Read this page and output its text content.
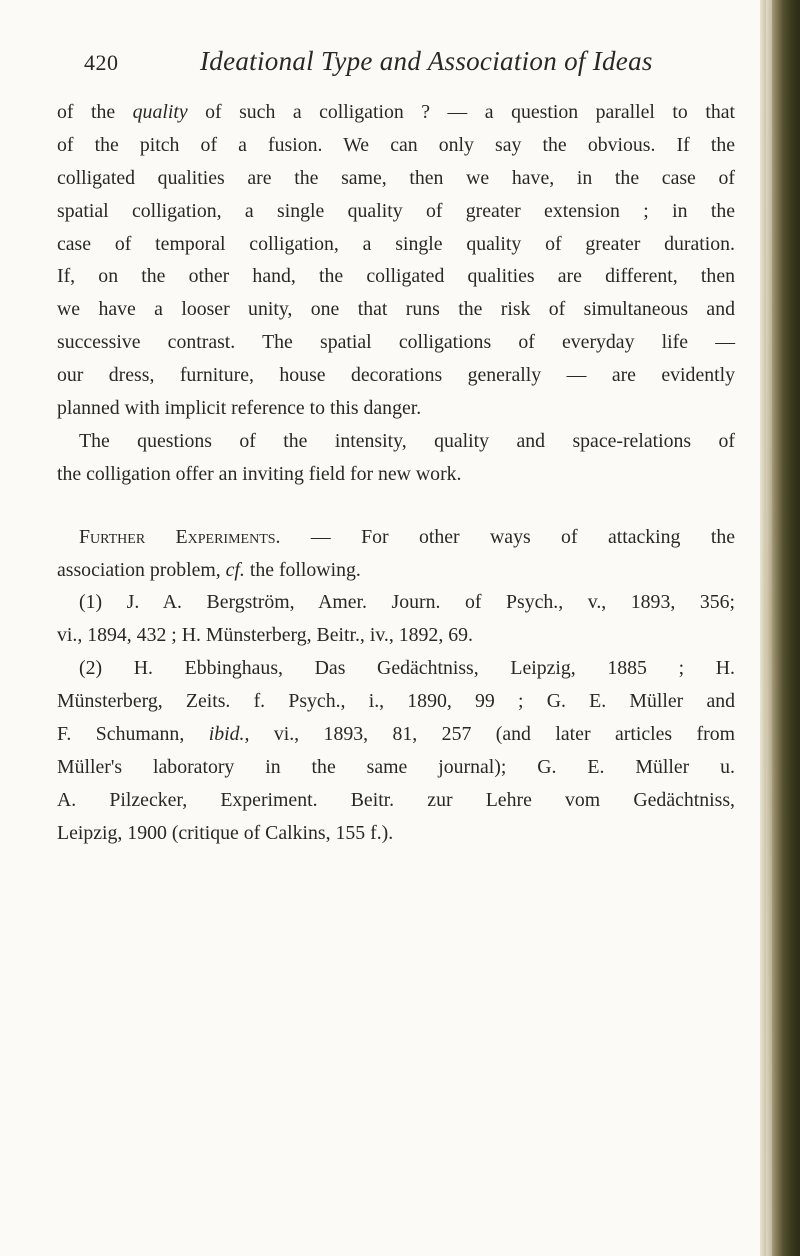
420	Ideational Type and Association of Ideas
of the quality of such a colligation ? — a question parallel to that
of the pitch of a fusion. We can only say the obvious. If the
colligated qualities are the same, then we have, in the case of
spatial colligation, a single quality of greater extension ; in the
case of temporal colligation, a single quality of greater duration.
If, on the other hand, the colligated qualities are different, then
we have a looser unity, one that runs the risk of simultaneous and
successive contrast. The spatial colligations of everyday life —
our dress, furniture, house decorations generally — are evidently
planned with implicit reference to this danger.
The questions of the intensity, quality and space-relations of
the colligation offer an inviting field for new work.
Further Experiments. — For other ways of attacking the
association problem, cf. the following.
(1) J. A. Bergström, Amer. Journ. of Psych., v., 1893, 356;
vi., 1894, 432 ; H. Münsterberg, Beitr., iv., 1892, 69.
(2) H. Ebbinghaus, Das Gedächtniss, Leipzig, 1885 ; H.
Münsterberg, Zeits. f. Psych., i., 1890, 99 ; G. E. Müller and
F. Schumann, ibid., vi., 1893, 81, 257 (and later articles from
Müller's laboratory in the same journal); G. E. Müller u.
A. Pilzecker, Experiment. Beitr. zur Lehre vom Gedächtniss,
Leipzig, 1900 (critique of Calkins, 155 f.).
